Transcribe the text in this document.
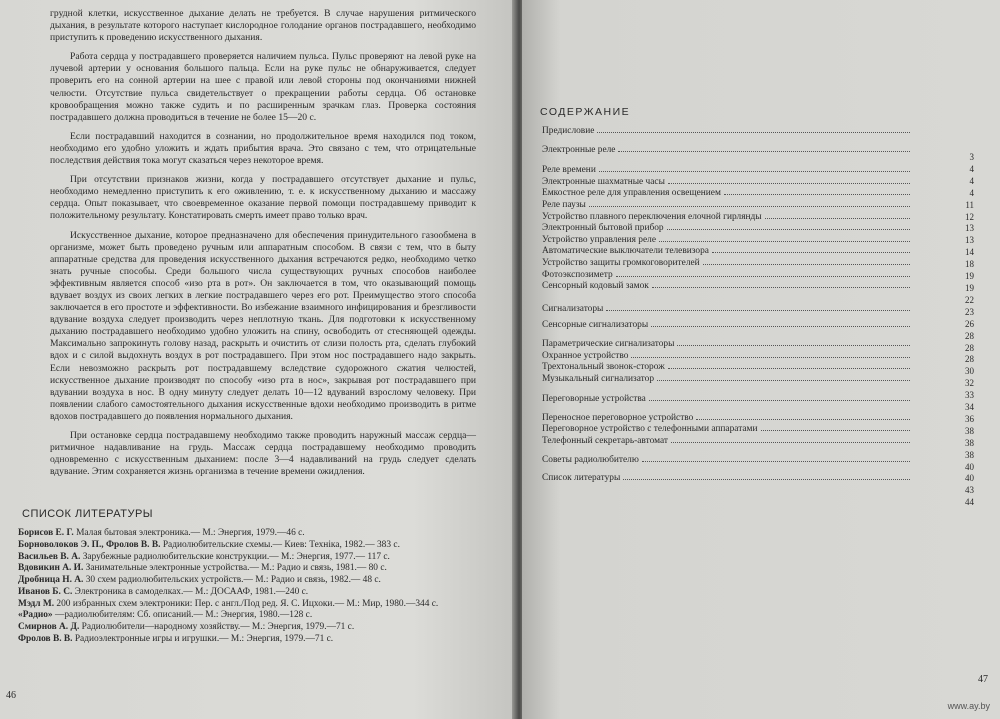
грудной клетки, искусственное дыхание делать не требуется. В случае нарушения ритмического дыхания, в результате которого наступает кислородное голодание органов пострадавшего, необходимо приступить к проведению искусственного дыхания.

Работа сердца у пострадавшего проверяется наличием пульса. Пульс проверяют на левой руке на лучевой артерии у основания большого пальца. Если на руке пульс не обнаруживается, следует проверить его на сонной артерии на шее с правой или левой стороны под окончаниями нижней челюсти. Отсутствие пульса свидетельствует о прекращении работы сердца. Об остановке кровообращения можно также судить и по расширенным зрачкам глаз. Проверка состояния пострадавшего должна проводиться в течение не более 15—20 с.

Если пострадавший находится в сознании, но продолжительное время находился под током, необходимо его удобно уложить и ждать прибытия врача. Это связано с тем, что отрицательные последствия действия тока могут сказаться через некоторое время.

При отсутствии признаков жизни, когда у пострадавшего отсутствует дыхание и пульс, необходимо немедленно приступить к его оживлению, т. е. к искусственному дыханию и массажу сердца. Опыт показывает, что своевременное оказание первой помощи пострадавшему приводит к положительному результату. Констатировать смерть имеет право только врач.

Искусственное дыхание, которое предназначено для обеспечения принудительного газообмена в организме, может быть проведено ручным или аппаратным способом. В связи с тем, что в быту аппаратные средства для проведения искусственного дыхания встречаются редко, необходимо четко знать ручные способы. Среди большого числа существующих ручных способов наиболее эффективным является способ «изо рта в рот». Он заключается в том, что оказывающий помощь вдувает воздух из своих легких в легкие пострадавшего через его рот. Преимущество этого способа заключается в его простоте и эффективности. Во избежание взаимного инфицирования и брезгливости вдувание воздуха следует производить через неплотную ткань. Для подготовки к искусственному дыханию пострадавшего необходимо удобно уложить на спину, освободить от стесняющей одежды. Максимально запрокинуть голову назад, раскрыть и очистить от слизи полость рта, сделать глубокий вдох и с силой выдохнуть воздух в рот пострадавшего. При этом нос пострадавшего надо закрыть. Если невозможно раскрыть рот пострадавшему вследствие судорожного сжатия челюстей, искусственное дыхание производят по способу «изо рта в нос», закрывая рот пострадавшего при вдувании воздуха в нос. В одну минуту следует делать 10—12 вдуваний взрослому человеку. При появлении слабого самостоятельного дыхания искусственные вдохи необходимо производить в ритме вдохов пострадавшего до появления нормального дыхания.

При остановке сердца пострадавшему необходимо также проводить наружный массаж сердца—ритмичное надавливание на грудь. Массаж сердца пострадавшему необходимо проводить одновременно с искусственным дыханием: после 3—4 надавливаний на грудь следует сделать вдувание. Этим сохраняется жизнь организма в течение времени ожидления.

СПИСОК ЛИТЕРАТУРЫ
Борисов Е. Г. Малая бытовая электроника.— М.: Энергия, 1979.—46 с.
Борноволоков Э. П., Фролов В. В. Радиолюбительские схемы.— Киев: Техніка, 1982.— 383 с.
Васильев В. А. Зарубежные радиолюбительские конструкции.— М.: Энергия, 1977.— 117 с.
Вдовикин А. И. Занимательные электронные устройства.— М.: Радио и связь, 1981.— 80 с.
Дробница Н. А. 30 схем радиолюбительских устройств.— М.: Радио и связь, 1982.— 48 с.
Иванов Б. С. Электроника в самоделках.— М.: ДОСААФ, 1981.—240 с.
Мэдл М. 200 избранных схем электроники: Пер. с англ./Под ред. Я. С. Ицхоки.— М.: Мир, 1980.—344 с.
«Радио» —радиолюбителям: Сб. описаний.— М.: Энергия, 1980.—128 с.
Смирнов А. Д. Радиолюбители—народному хозяйству.— М.: Энергия, 1979.—71 с.
Фролов В. В. Радиоэлектронные игры и игрушки.— М.: Энергия, 1979.—71 с.
46
СОДЕРЖАНИЕ
Предисловие
Электронные реле
Реле времени
Электронные шахматные часы
Емкостное реле для управления освещением
Реле паузы
Устройство плавного переключения елочной гирлянды
Электронный бытовой прибор
Устройство управления реле
Автоматические выключатели телевизора
Устройство защиты громкоговорителей
Фотоэкспозиметр
Сенсорный кодовый замок
Сигнализаторы
Сенсорные сигнализаторы
Параметрические сигнализаторы
Охранное устройство
Трехтональный звонок-сторож
Музыкальный сигнализатор
Переговорные устройства
Переносное переговорное устройство
Переговорное устройство с телефонными аппаратами
Телефонный секретарь-автомат
Советы радиолюбителю
Список литературы
3
4
4
4
11
12
13
13
14
18
19
19
22
23
26
28
28
28
30
32
33
34
36
38
38
38
40
40
43
44
47
www.ay.by
